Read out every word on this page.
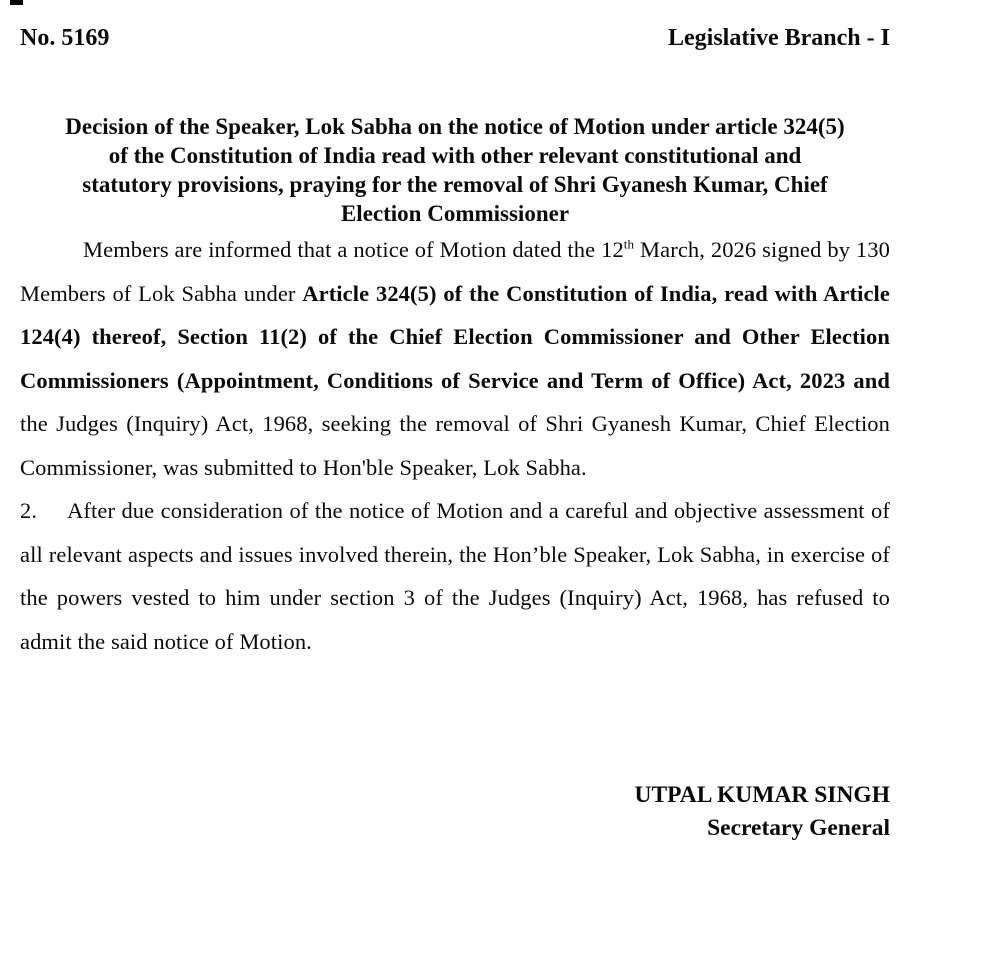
No. 5169	Legislative Branch - I
Decision of the Speaker, Lok Sabha on the notice of Motion under article 324(5)
of the Constitution of India read with other relevant constitutional and
statutory provisions, praying for the removal of Shri Gyanesh Kumar, Chief
Election Commissioner

Members are informed that a notice of Motion dated the 12th March, 2026 signed by 130 Members of Lok Sabha under Article 324(5) of the Constitution of India, read with Article 124(4) thereof, Section 11(2) of the Chief Election Commissioner and Other Election Commissioners (Appointment, Conditions of Service and Term of Office) Act, 2023 and the Judges (Inquiry) Act, 1968, seeking the removal of Shri Gyanesh Kumar, Chief Election Commissioner, was submitted to Hon'ble Speaker, Lok Sabha.

2. After due consideration of the notice of Motion and a careful and objective assessment of all relevant aspects and issues involved therein, the Hon’ble Speaker, Lok Sabha, in exercise of the powers vested to him under section 3 of the Judges (Inquiry) Act, 1968, has refused to admit the said notice of Motion.

UTPAL KUMAR SINGH
Secretary General
